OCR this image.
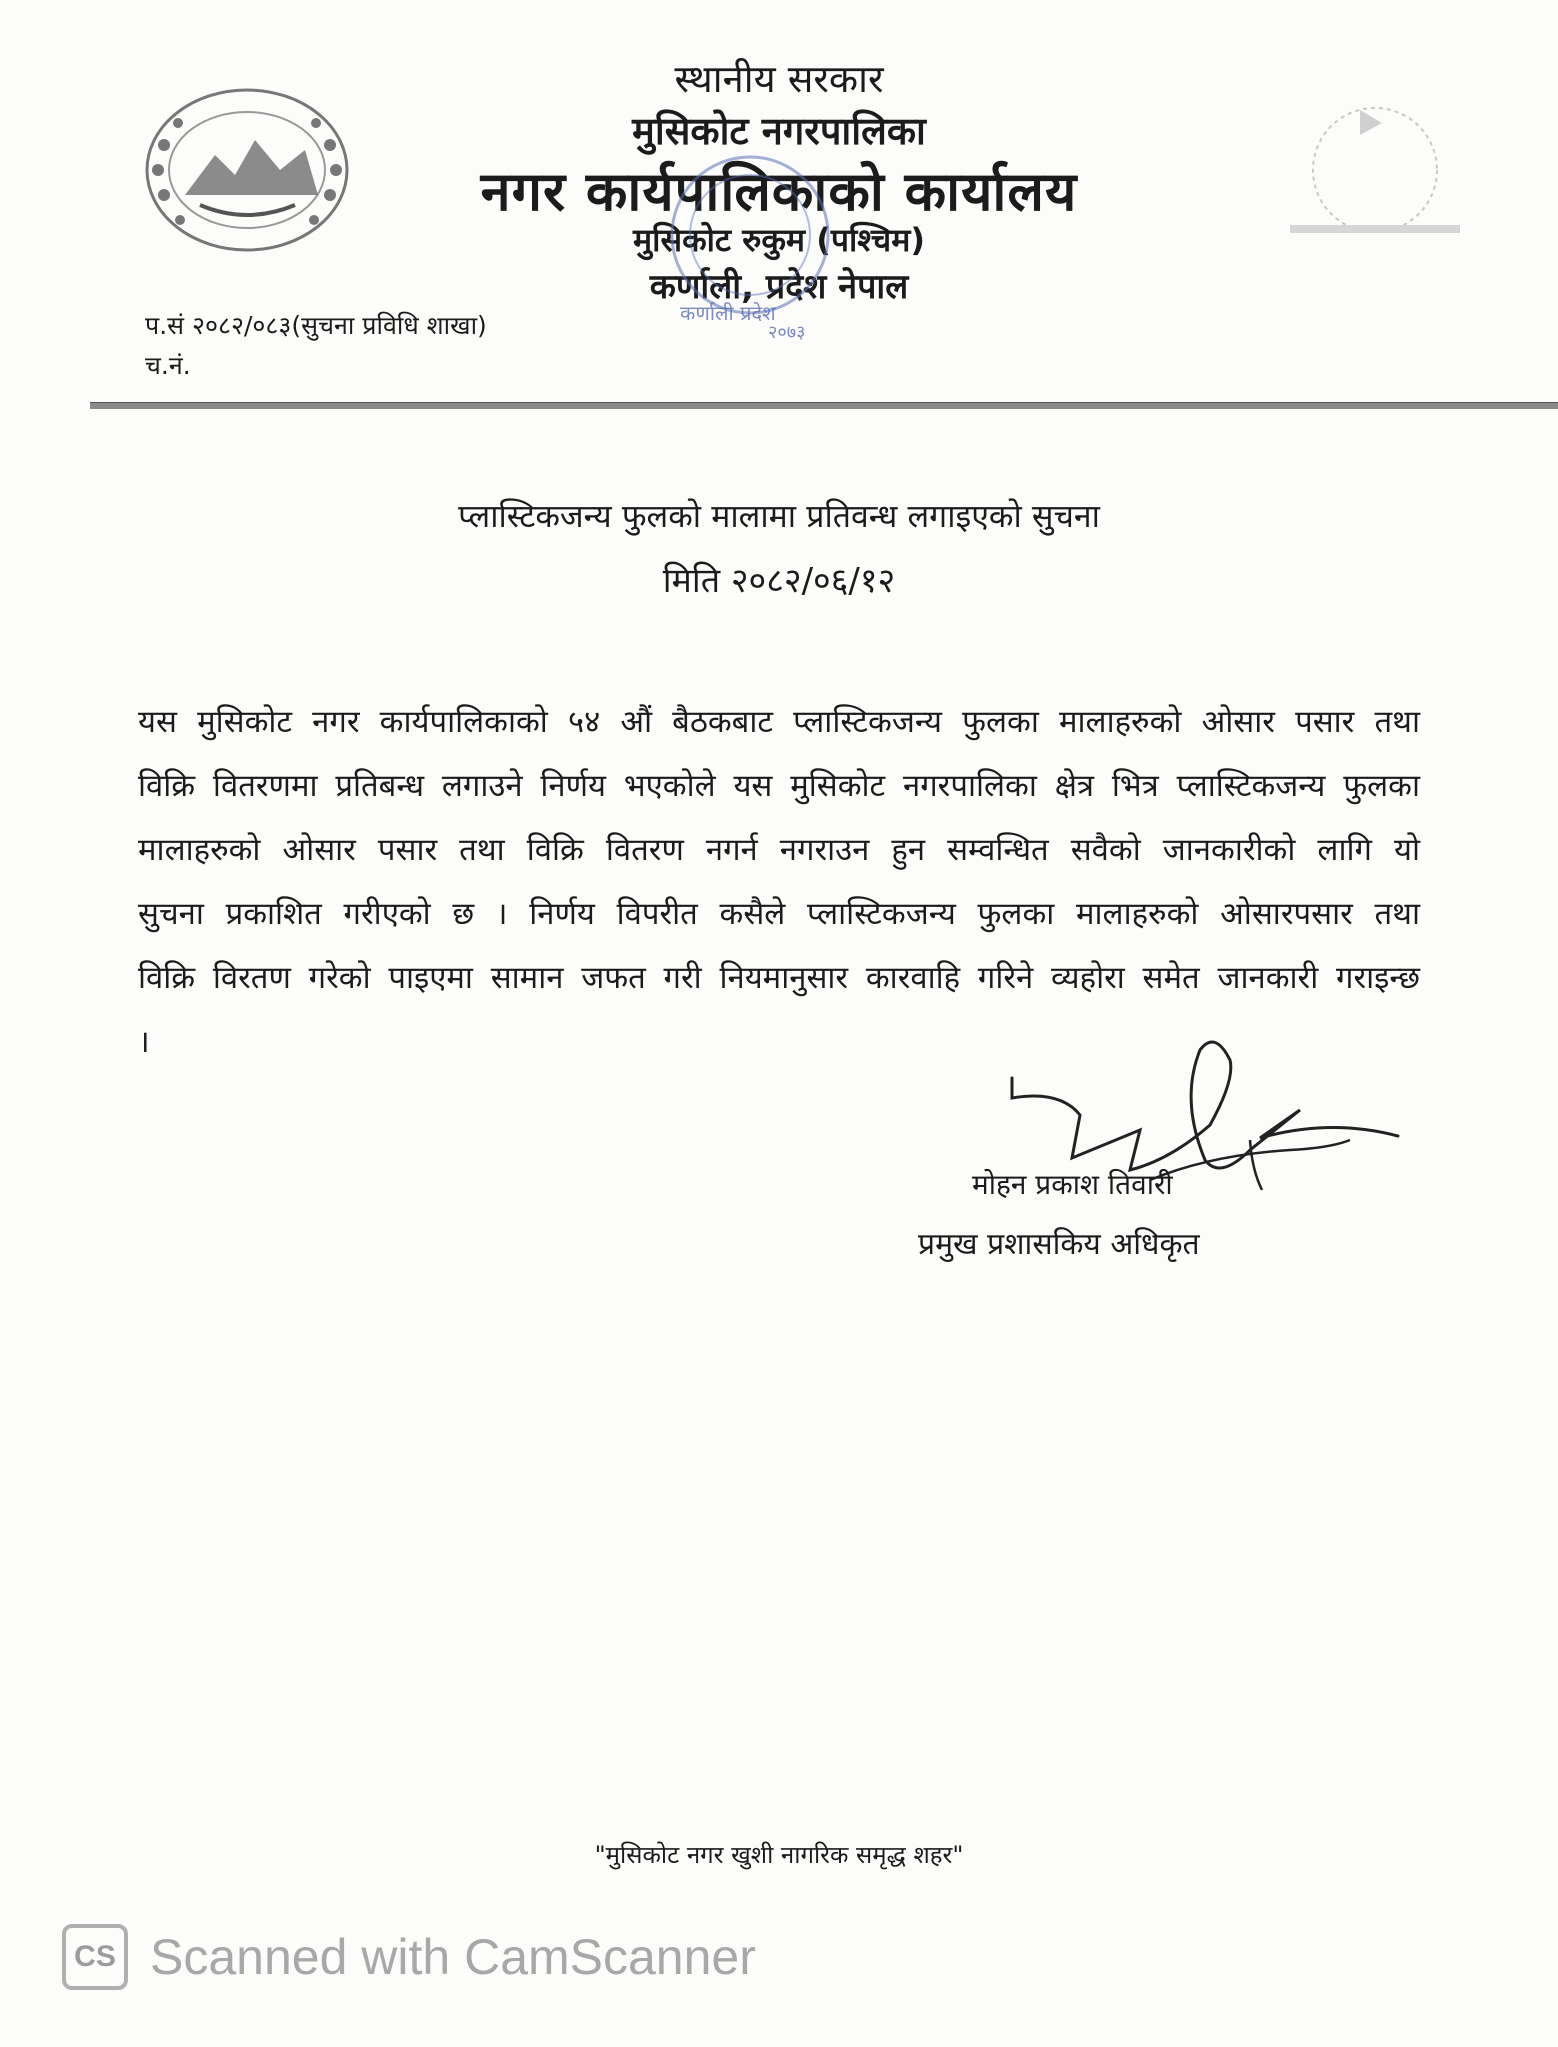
स्थानीय सरकार
मुसिकोट नगरपालिका
नगर कार्यपालिकाको कार्यालय
मुसिकोट रुकुम (पश्चिम)
कर्णाली, प्रदेश नेपाल
कर्णाली प्रदेश
२०७३
प.सं २०८२/०८३(सुचना प्रविधि शाखा)
च.नं.
प्लास्टिकजन्य फुलको मालामा प्रतिवन्ध लगाइएको सुचना
मिति २०८२/०६/१२
यस मुसिकोट नगर कार्यपालिकाको ५४ औं बैठकबाट प्लास्टिकजन्य फुलका मालाहरुको ओसार पसार तथा विक्रि वितरणमा प्रतिबन्ध लगाउने निर्णय भएकोले यस मुसिकोट नगरपालिका क्षेत्र भित्र प्लास्टिकजन्य फुलका मालाहरुको ओसार पसार तथा विक्रि वितरण नगर्न नगराउन हुन सम्वन्धित सवैको जानकारीको लागि यो सुचना प्रकाशित गरीएको छ । निर्णय विपरीत कसैले प्लास्टिकजन्य फुलका मालाहरुको ओसारपसार तथा विक्रि विरतण गरेको पाइएमा सामान जफत गरी नियमानुसार कारवाहि गरिने व्यहोरा समेत जानकारी गराइन्छ ।
मोहन प्रकाश तिवारी
प्रमुख प्रशासकिय अधिकृत
"मुसिकोट नगर खुशी नागरिक समृद्ध शहर"
CS Scanned with CamScanner
